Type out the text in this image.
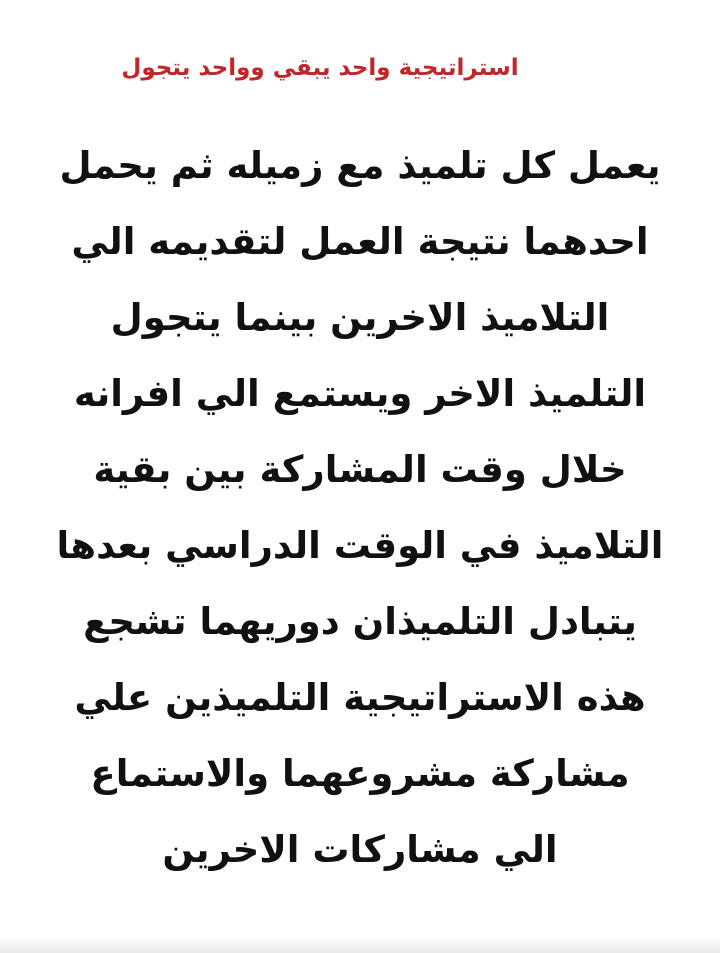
استراتيجية واحد يبقي وواحد يتجول
يعمل كل تلميذ مع زميله ثم يحمل
احدهما نتيجة العمل لتقديمه الي
التلاميذ الاخرين بينما يتجول
التلميذ الاخر ويستمع الي افرانه
خلال وقت المشاركة بين بقية
التلاميذ في الوقت الدراسي بعدها
يتبادل التلميذان دوريهما تشجع
هذه الاستراتيجية التلميذين علي
مشاركة مشروعهما والاستماع
الي مشاركات الاخرين
